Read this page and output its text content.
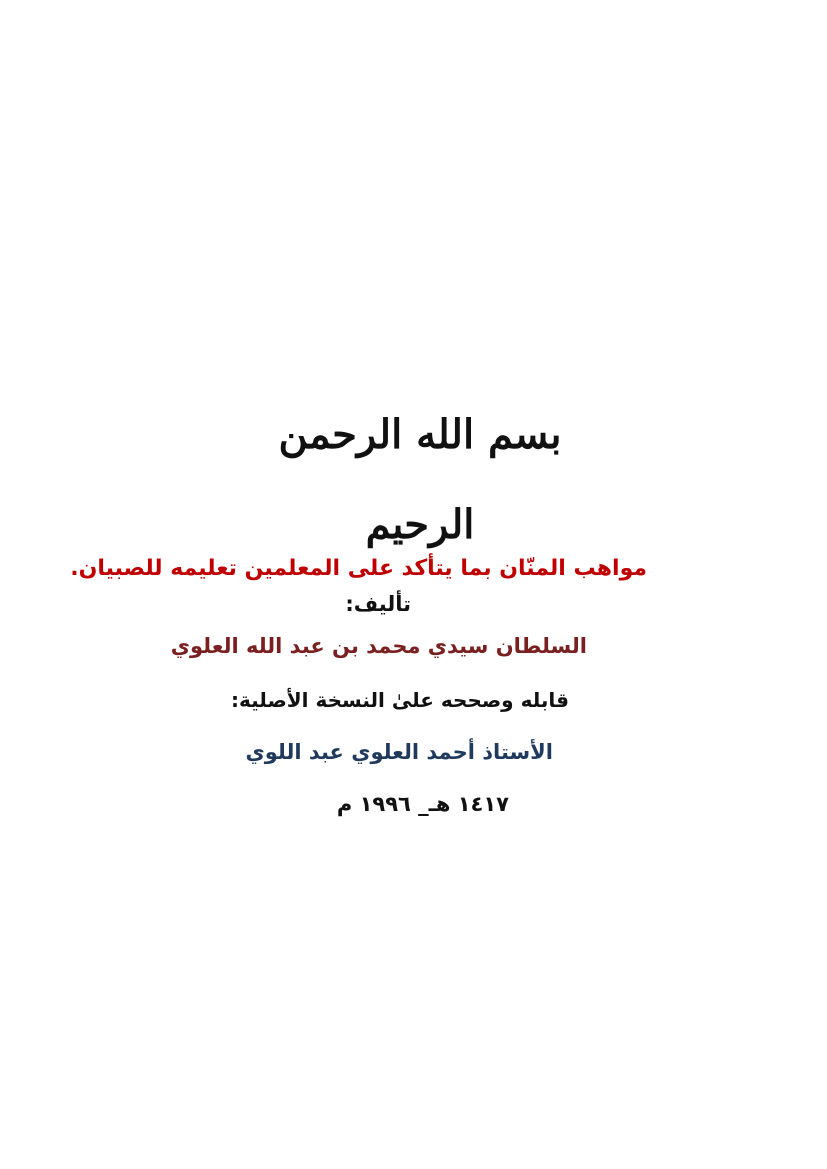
بسم الله الرحمن الرحيم
مواهب المنّان بما يتأكد على المعلمين تعليمه للصبيان.
تأليف:
السلطان سيدي محمد بن عبد الله العلوي
قابله وصححه علىٰ النسخة الأصلية:
الأستاذ أحمد العلوي عبد اللوي
١٤١٧ هـ_ ١٩٩٦ م
